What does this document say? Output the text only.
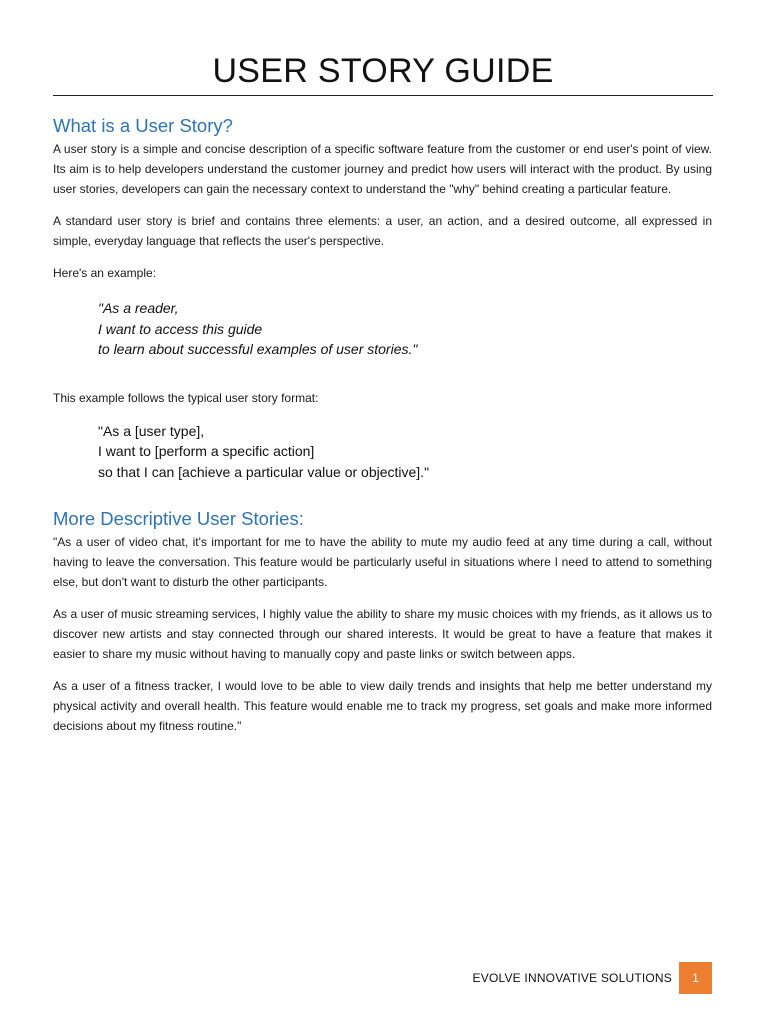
USER STORY GUIDE
What is a User Story?

A user story is a simple and concise description of a specific software feature from the customer or end user's point of view. Its aim is to help developers understand the customer journey and predict how users will interact with the product. By using user stories, developers can gain the necessary context to understand the "why" behind creating a particular feature.

A standard user story is brief and contains three elements: a user, an action, and a desired outcome, all expressed in simple, everyday language that reflects the user's perspective.

Here's an example:

"As a reader,
I want to access this guide
to learn about successful examples of user stories."

This example follows the typical user story format:

"As a [user type],
I want to [perform a specific action]
so that I can [achieve a particular value or objective]."
More Descriptive User Stories:

"As a user of video chat, it's important for me to have the ability to mute my audio feed at any time during a call, without having to leave the conversation. This feature would be particularly useful in situations where I need to attend to something else, but don't want to disturb the other participants.

As a user of music streaming services, I highly value the ability to share my music choices with my friends, as it allows us to discover new artists and stay connected through our shared interests. It would be great to have a feature that makes it easier to share my music without having to manually copy and paste links or switch between apps.

As a user of a fitness tracker, I would love to be able to view daily trends and insights that help me better understand my physical activity and overall health. This feature would enable me to track my progress, set goals and make more informed decisions about my fitness routine."

EVOLVE INNOVATIVE SOLUTIONS	1
